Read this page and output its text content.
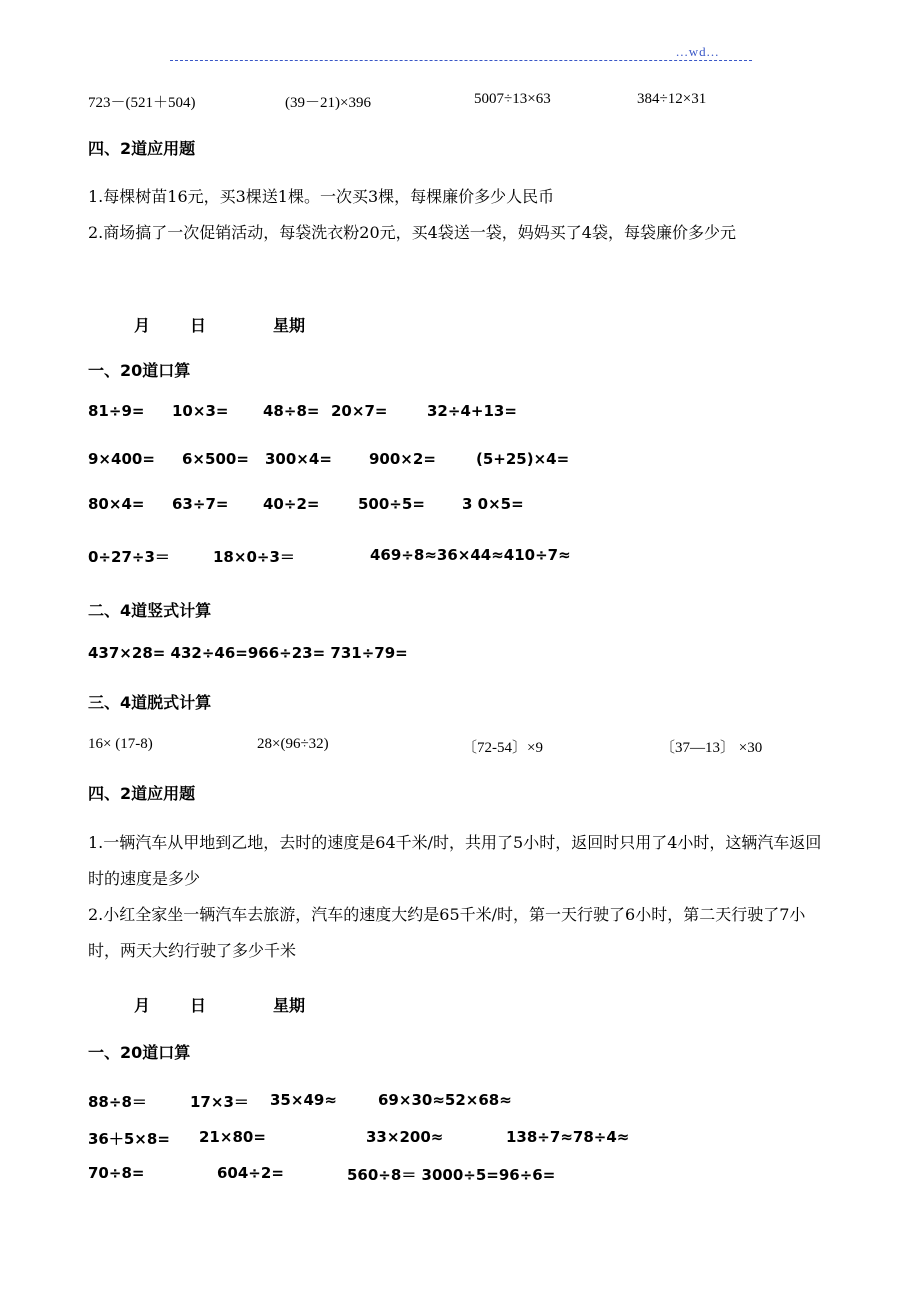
...wd...
723－(521＋504)	(39－21)×396	5007÷13×63	384÷12×31
四、2道应用题
1.每棵树苗16元，买3棵送1棵。一次买3棵，每棵廉价多少人民币
2.商场搞了一次促销活动，每袋洗衣粉20元，买4袋送一袋，妈妈买了4袋，每袋廉价多少元
月 日	星期
一、20道口算
81÷9= 10×3= 48÷8= 20×7=	32÷4+13=
9×400= 6×500= 300×4= 900×2=	(5+25)×4=
80×4= 63÷7= 40÷2=	500÷5= 3 0×5=
0÷27÷3＝	18×0÷3＝	469÷8≈36×44≈410÷7≈
二、4道竖式计算
437×28= 432÷46=966÷23= 731÷79=
三、4道脱式计算
16× (17-8)	28×(96÷32)	〔72-54〕×9	〔37—13〕 ×30
四、2道应用题
1.一辆汽车从甲地到乙地，去时的速度是64千米/时，共用了5小时，返回时只用了4小时，这辆汽车返回时的速度是多少
2.小红全家坐一辆汽车去旅游，汽车的速度大约是65千米/时，第一天行驶了6小时，第二天行驶了7小时，两天大约行驶了多少千米
月 日	星期
一、20道口算
88÷8＝	17×3＝ 35×49≈	69×30≈52×68≈
36＋5×8= 21×80=	33×200≈	138÷7≈78÷4≈
70÷8=	604÷2=	560÷8＝ 3000÷5=96÷6=
